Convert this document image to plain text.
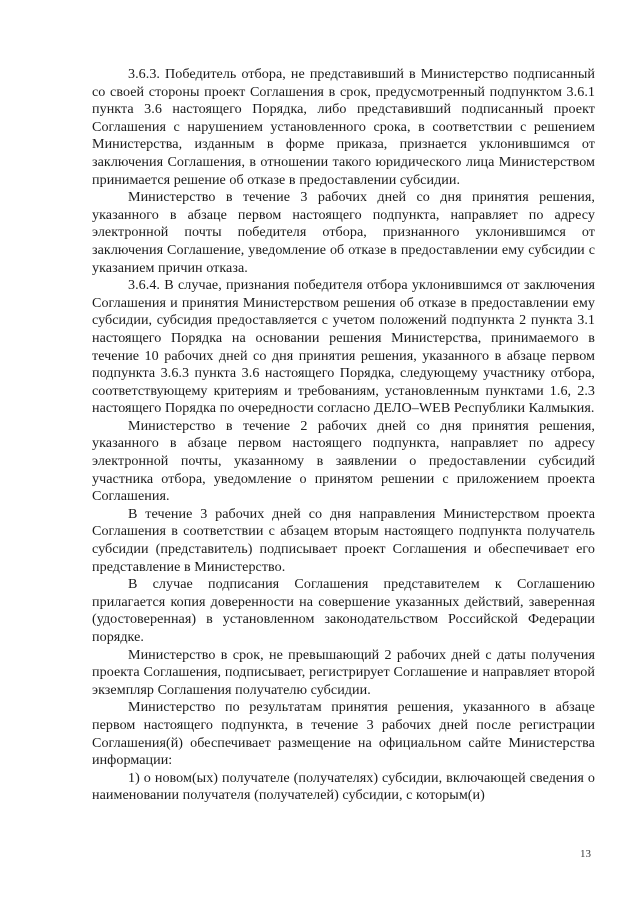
3.6.3. Победитель отбора, не представивший в Министерство подписанный со своей стороны проект Соглашения в срок, предусмотренный подпунктом 3.6.1 пункта 3.6 настоящего Порядка, либо представивший подписанный проект Соглашения с нарушением установленного срока, в соответствии с решением Министерства, изданным в форме приказа, признается уклонившимся от заключения Соглашения, в отношении такого юридического лица Министерством принимается решение об отказе в предоставлении субсидии.

Министерство в течение 3 рабочих дней со дня принятия решения, указанного в абзаце первом настоящего подпункта, направляет по адресу электронной почты победителя отбора, признанного уклонившимся от заключения Соглашение, уведомление об отказе в предоставлении ему субсидии с указанием причин отказа.

3.6.4. В случае, признания победителя отбора уклонившимся от заключения Соглашения и принятия Министерством решения об отказе в предоставлении ему субсидии, субсидия предоставляется с учетом положений подпункта 2 пункта 3.1 настоящего Порядка на основании решения Министерства, принимаемого в течение 10 рабочих дней со дня принятия решения, указанного в абзаце первом подпункта 3.6.3 пункта 3.6 настоящего Порядка, следующему участнику отбора, соответствующему критериям и требованиям, установленным пунктами 1.6, 2.3 настоящего Порядка по очередности согласно ДЕЛО–WEB Республики Калмыкия.

Министерство в течение 2 рабочих дней со дня принятия решения, указанного в абзаце первом настоящего подпункта, направляет по адресу электронной почты, указанному в заявлении о предоставлении субсидий участника отбора, уведомление о принятом решении с приложением проекта Соглашения.

В течение 3 рабочих дней со дня направления Министерством проекта Соглашения в соответствии с абзацем вторым настоящего подпункта получатель субсидии (представитель) подписывает проект Соглашения и обеспечивает его представление в Министерство.

В случае подписания Соглашения представителем к Соглашению прилагается копия доверенности на совершение указанных действий, заверенная (удостоверенная) в установленном законодательством Российской Федерации порядке.

Министерство в срок, не превышающий 2 рабочих дней с даты получения проекта Соглашения, подписывает, регистрирует Соглашение и направляет второй экземпляр Соглашения получателю субсидии.

Министерство по результатам принятия решения, указанного в абзаце первом настоящего подпункта, в течение 3 рабочих дней после регистрации Соглашения(й) обеспечивает размещение на официальном сайте Министерства информации:

1) о новом(ых) получателе (получателях) субсидии, включающей сведения о наименовании получателя (получателей) субсидии, с которым(и)

13
